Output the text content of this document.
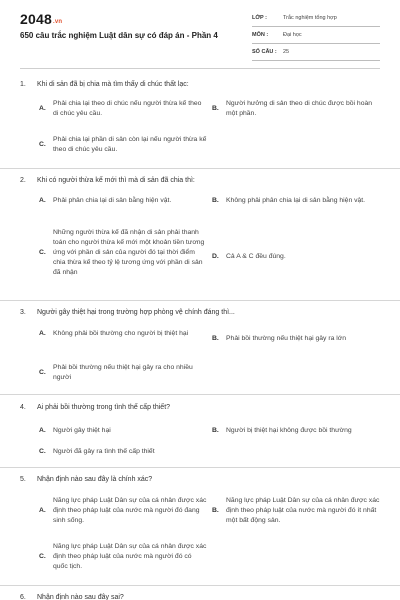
2048.vn
650 câu trắc nghiệm Luật dân sự có đáp án - Phần 4
LỚP :	Trắc nghiệm tổng hợp
MÔN :	Đại học
SỐ CÂU :	25
1. Khi di sản đã bị chia mà tìm thấy di chúc thất lạc:
A.
Phải chia lại theo di chúc nếu người thừa kế theo di chúc yêu cầu.
B.
Người hưởng di sản theo di chúc được bồi hoàn một phần.
C.
Phải chia lại phần di sản còn lại nếu người thừa kế theo di chúc yêu cầu.
2. Khi có người thừa kế mới thì mà di sản đã chia thì:
A.	Phải phân chia lại di sản bằng hiện vật.	B.	Không phải phân chia lại di sản bằng hiện vật.
C.
Những người thừa kế đã nhận di sản phải thanh toán cho người thừa kế mới một khoản tiền tương ứng với phần di sản của người đó tại thời điểm chia thừa kế theo tỷ lệ tương ứng với phần di sản đã nhận
D.	Cả A & C đều đúng.
3. Người gây thiệt hại trong trường hợp phòng vệ chính đáng thì...
A.	Không phải bồi thường cho người bị thiệt hại
B.	Phải bồi thường nếu thiệt hại gây ra lớn
C.
Phải bồi thường nếu thiệt hại gây ra cho nhiều người
4. Ai phải bồi thường trong tình thế cấp thiết?
A.	Người gây thiệt hại	B.	Người bị thiệt hại không được bồi thường
C.	Người đã gây ra tình thế cấp thiết
5. Nhận định nào sau đây là chính xác?
A.
Năng lực pháp Luật Dân sự của cá nhân được xác định theo pháp luật của nước mà người đó đang sinh sống.
B.
Năng lực pháp Luật Dân sự của cá nhân được xác định theo pháp luật của nước mà người đó ít nhất một bất động sản.
C.
Năng lực pháp Luật Dân sự của cá nhân được xác định theo pháp luật của nước mà người đó có quốc tịch.
6. Nhận định nào sau đây sai?
